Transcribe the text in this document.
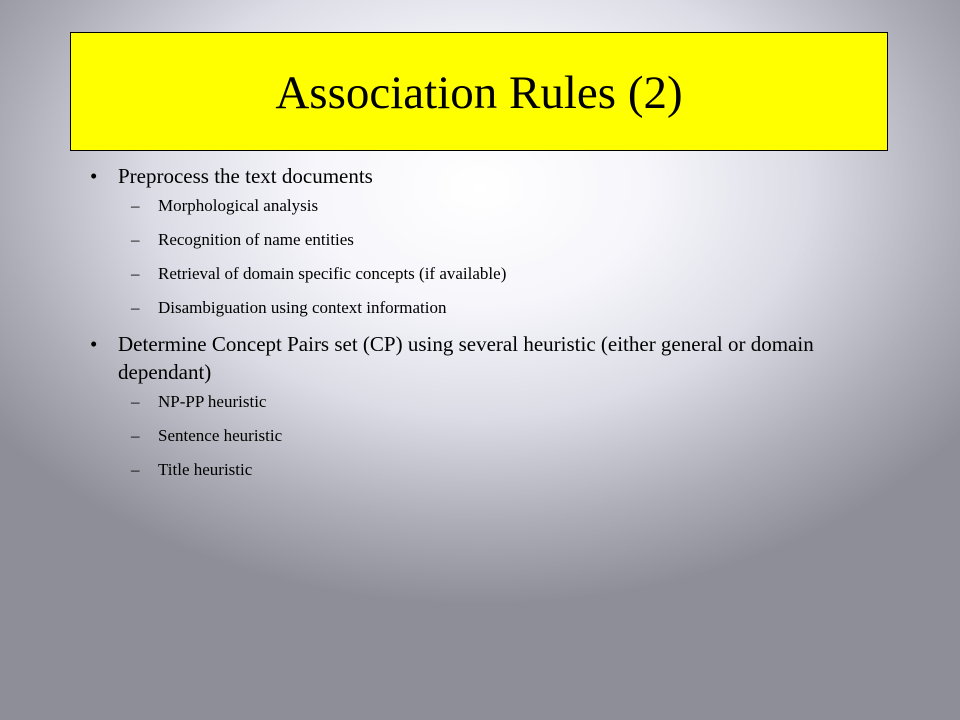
Association Rules (2)
• Preprocess the text documents
– Morphological analysis
– Recognition of name entities
– Retrieval of domain specific concepts (if available)
– Disambiguation using context information
• Determine Concept Pairs set (CP) using several heuristic (either general or domain dependant)
– NP-PP heuristic
– Sentence heuristic
– Title heuristic
